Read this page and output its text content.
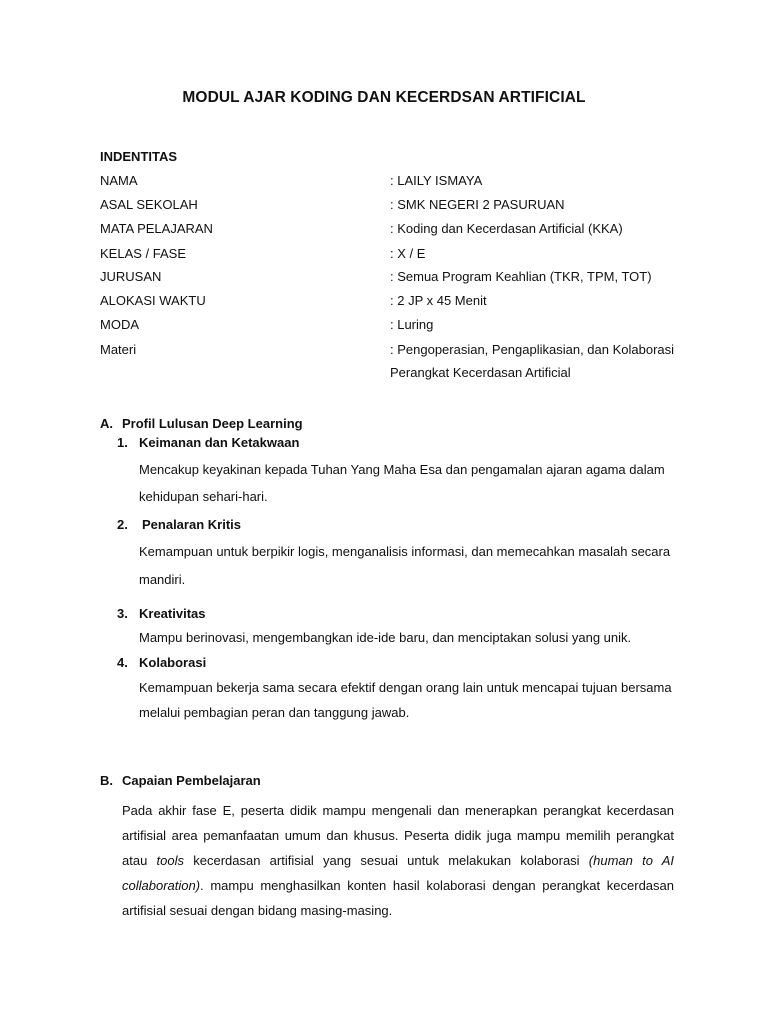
MODUL AJAR KODING DAN KECERDSAN ARTIFICIAL
INDENTITAS
NAMA	: LAILY ISMAYA
ASAL SEKOLAH	: SMK NEGERI 2 PASURUAN
MATA PELAJARAN	: Koding dan Kecerdasan Artificial (KKA)
KELAS / FASE	: X / E
JURUSAN	: Semua Program Keahlian (TKR, TPM, TOT)
ALOKASI WAKTU	: 2 JP x 45 Menit
MODA	: Luring
Materi	: Pengoperasian, Pengaplikasian, dan Kolaborasi
Perangkat Kecerdasan Artificial
A. Profil Lulusan Deep Learning
1. Keimanan dan Ketakwaan
Mencakup keyakinan kepada Tuhan Yang Maha Esa dan pengamalan ajaran agama dalam
kehidupan sehari-hari.
2. Penalaran Kritis
Kemampuan untuk berpikir logis, menganalisis informasi, dan memecahkan masalah secara
mandiri.
3. Kreativitas
Mampu berinovasi, mengembangkan ide-ide baru, dan menciptakan solusi yang unik.
4. Kolaborasi
Kemampuan bekerja sama secara efektif dengan orang lain untuk mencapai tujuan bersama
melalui pembagian peran dan tanggung jawab.
B. Capaian Pembelajaran

Pada akhir fase E, peserta didik mampu mengenali dan menerapkan perangkat kecerdasan artifisial area pemanfaatan umum dan khusus. Peserta didik juga mampu memilih perangkat atau tools kecerdasan artifisial yang sesuai untuk melakukan kolaborasi (human to AI collaboration). mampu menghasilkan konten hasil kolaborasi dengan perangkat kecerdasan artifisial sesuai dengan bidang masing-masing.
